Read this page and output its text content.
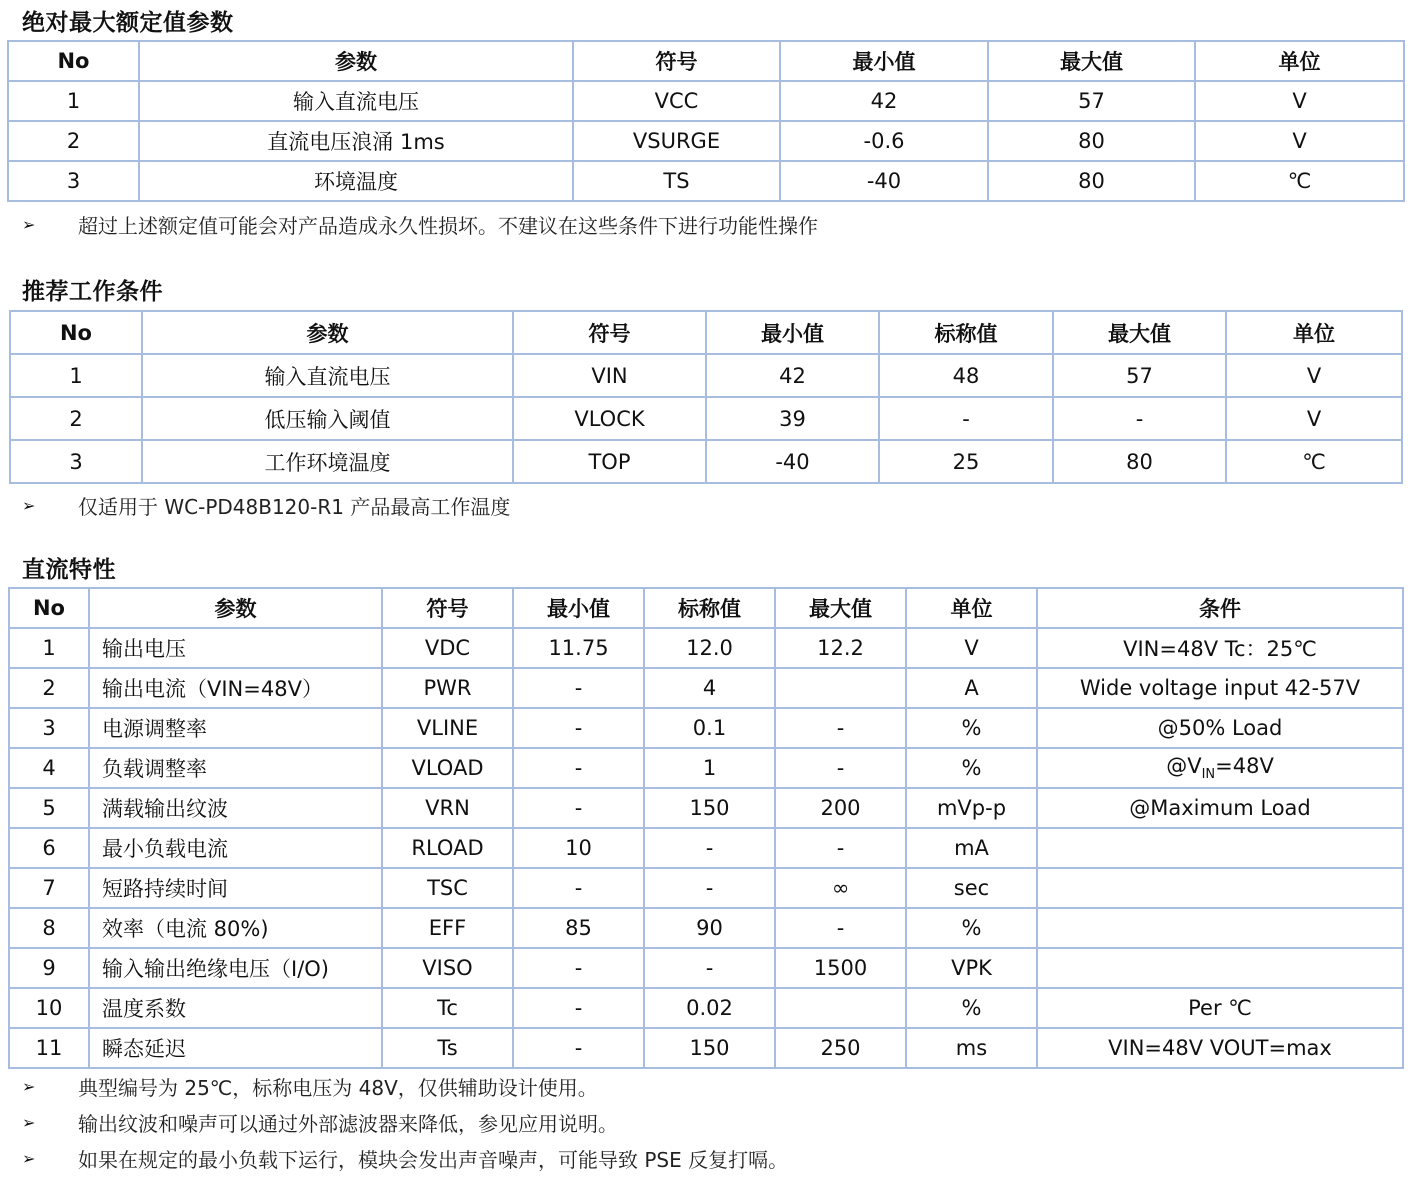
绝对最大额定值参数
No	参数	符号	最小值	最大值	单位
1	输入直流电压	VCC	42	57	V
2	直流电压浪涌 1ms	VSURGE	-0.6	80	V
3	环境温度	TS	-40	80	℃
➢	超过上述额定值可能会对产品造成永久性损坏。不建议在这些条件下进行功能性操作
推荐工作条件
No	参数	符号	最小值	标称值	最大值	单位
1	输入直流电压	VIN	42	48	57	V
2	低压输入阈值	VLOCK	39	-	-	V
3	工作环境温度	TOP	-40	25	80	℃
➢	仅适用于 WC-PD48B120-R1 产品最高工作温度
直流特性
No	参数	符号	最小值	标称值	最大值	单位	条件
1	输出电压	VDC	11.75	12.0	12.2	V	VIN=48V Tc：25℃
2	输出电流（VIN=48V）	PWR	-	4		A	Wide voltage input 42-57V
3	电源调整率	VLINE	-	0.1	-	%	@50% Load
4	负载调整率	VLOAD	-	1	-	%	$@V_{IN}=48V$
5	满载输出纹波	VRN	-	150	200	mVp-p	@Maximum Load
6	最小负载电流	RLOAD	10	-	-	mA	
7	短路持续时间	TSC	-	-	∞	sec	
8	效率（电流 80%)	EFF	85	90	-	%	
9	输入输出绝缘电压（I/O)	VISO	-	-	1500	VPK	
10	温度系数	Tc	-	0.02		%	Per ℃
11	瞬态延迟	Ts	-	150	250	ms	VIN=48V VOUT=max
➢	典型编号为 25℃，标称电压为 48V，仅供辅助设计使用。
➢	输出纹波和噪声可以通过外部滤波器来降低，参见应用说明。
➢	如果在规定的最小负载下运行，模块会发出声音噪声，可能导致 PSE 反复打嗝。
